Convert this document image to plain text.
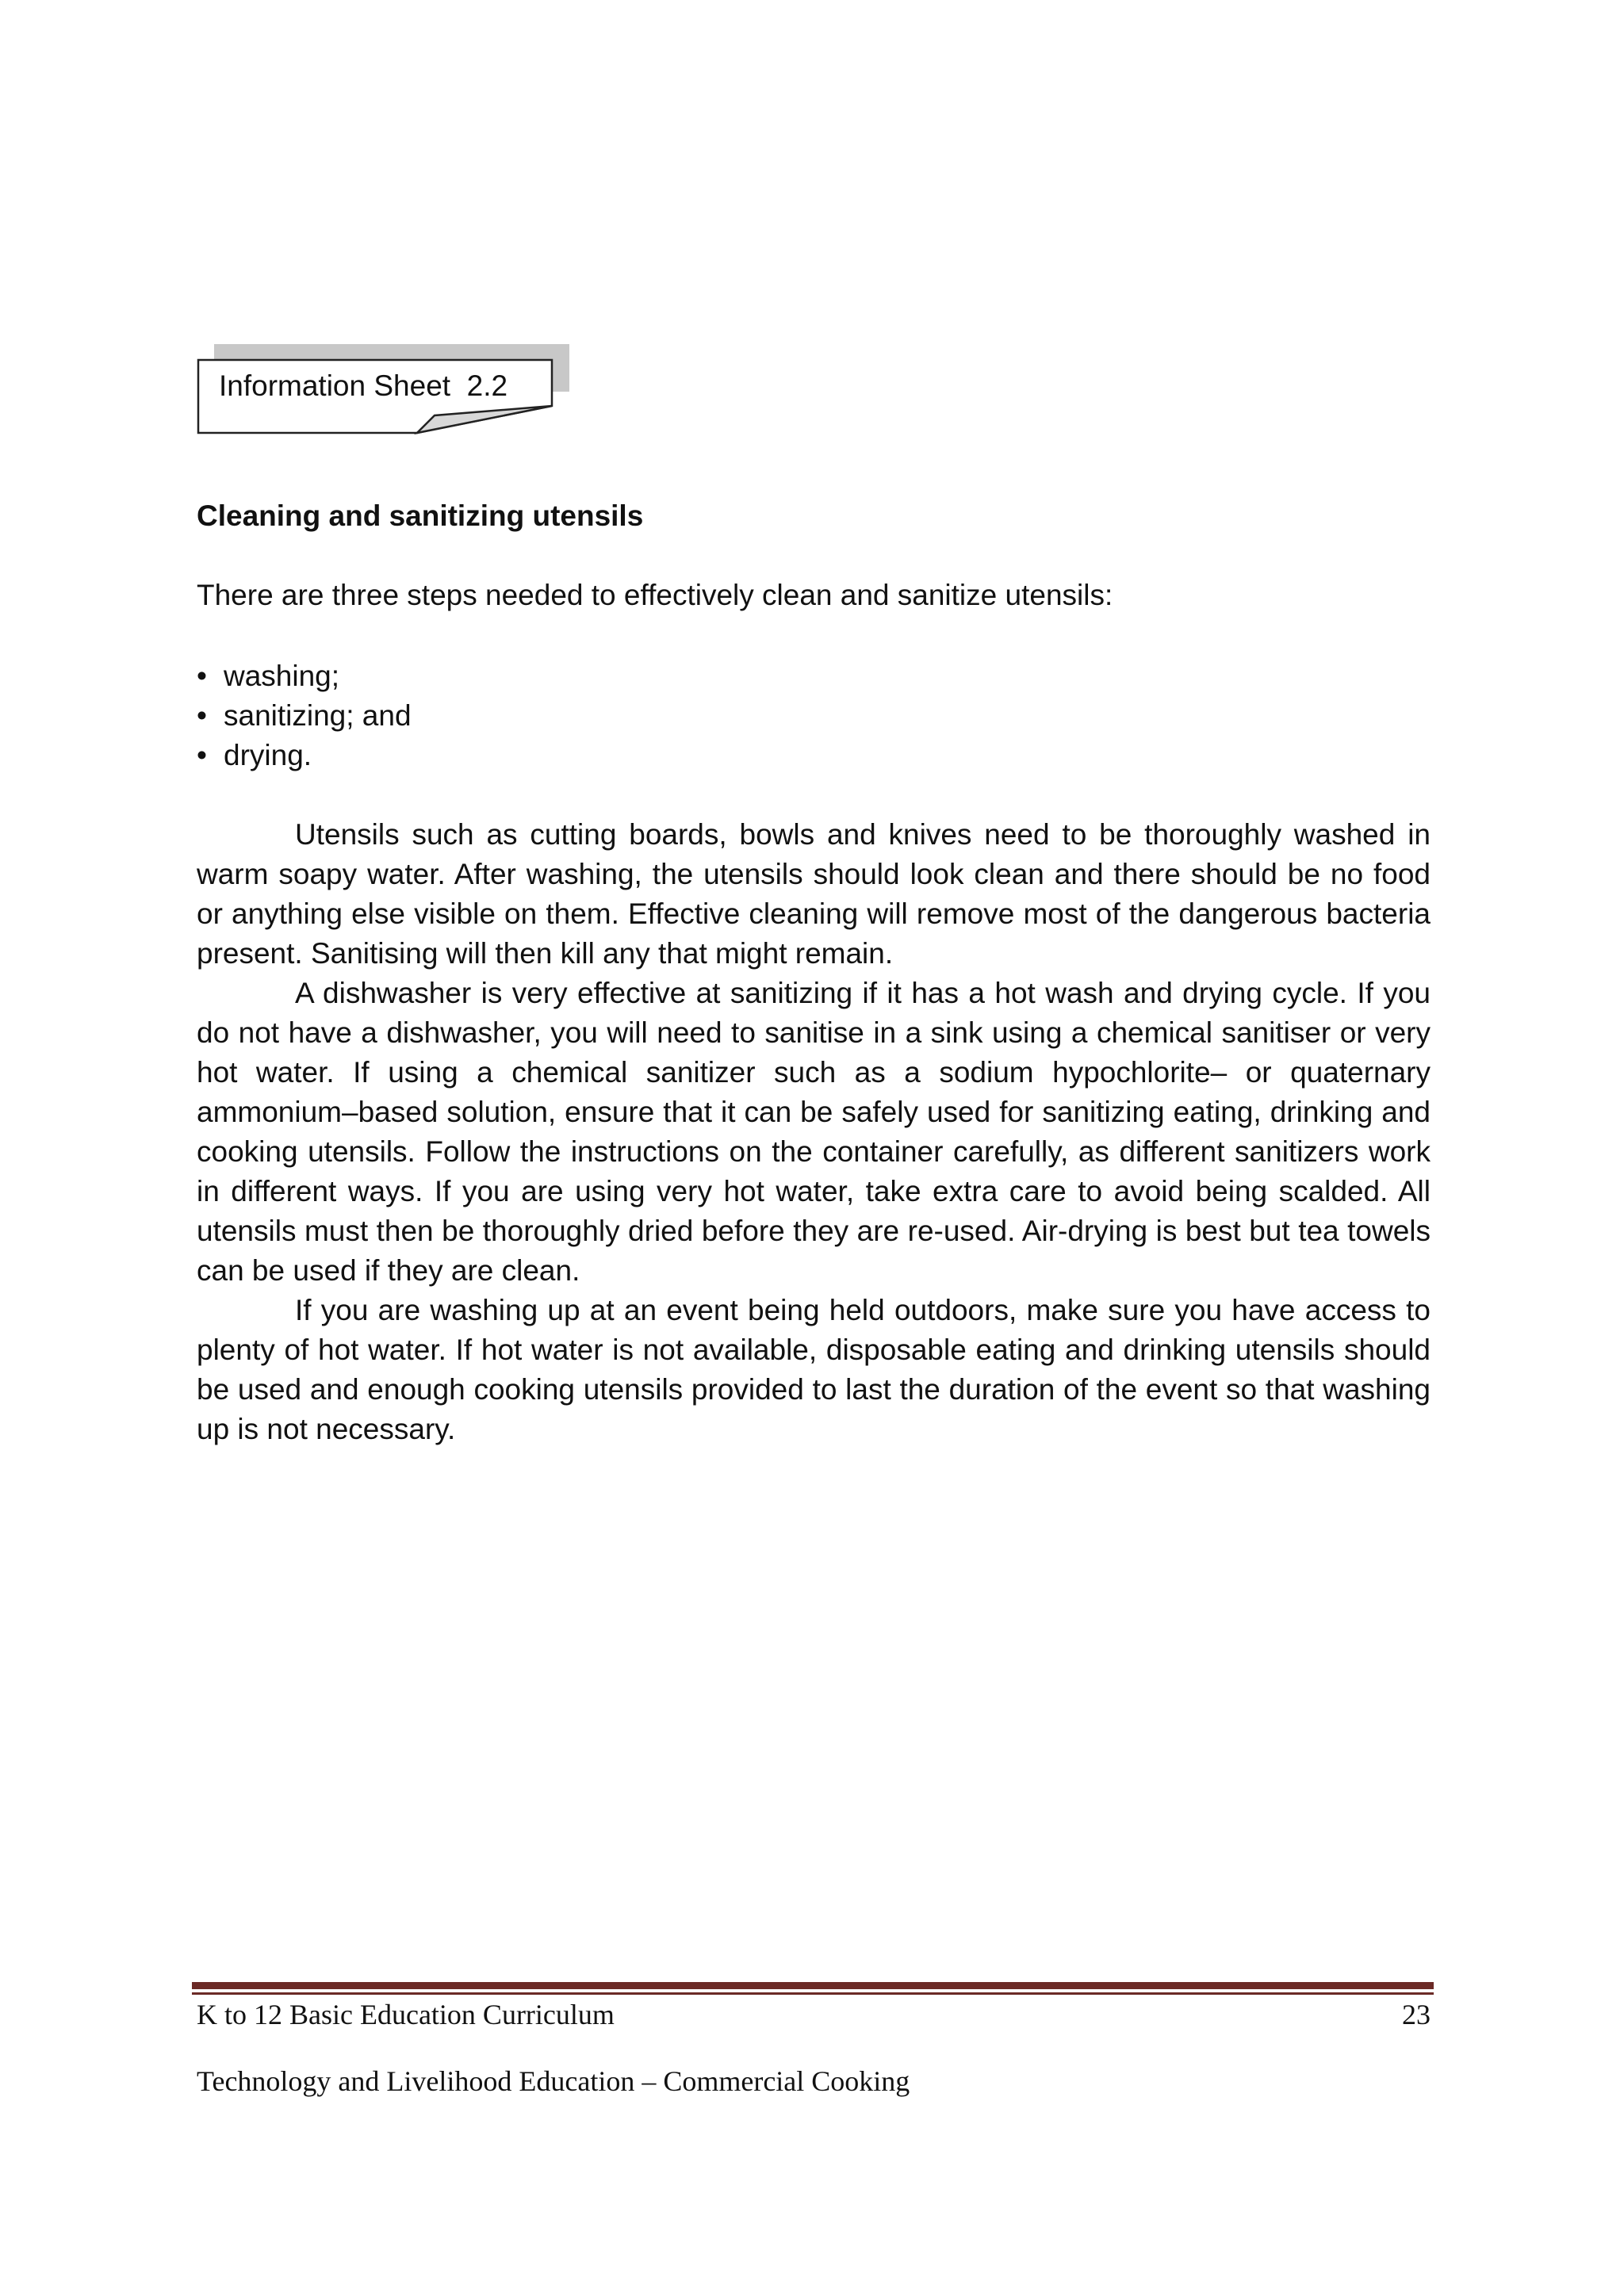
Information Sheet  2.2
Cleaning and sanitizing utensils
There are three steps needed to effectively clean and sanitize utensils:
• washing;
• sanitizing; and
• drying.

Utensils such as cutting boards, bowls and knives need to be thoroughly washed in warm soapy water. After washing, the utensils should look clean and there should be no food or anything else visible on them. Effective cleaning will remove most of the dangerous bacteria present. Sanitising will then kill any that might remain.

A dishwasher is very effective at sanitizing if it has a hot wash and drying cycle. If you do not have a dishwasher, you will need to sanitise in a sink using a chemical sanitiser or very hot water. If using a chemical sanitizer such as a sodium hypochlorite– or quaternary ammonium–based solution, ensure that it can be safely used for sanitizing eating, drinking and cooking utensils. Follow the instructions on the container carefully, as different sanitizers work in different ways. If you are using very hot water, take extra care to avoid being scalded. All utensils must then be thoroughly dried before they are re-used. Air-drying is best but tea towels can be used if they are clean.

If you are washing up at an event being held outdoors, make sure you have access to plenty of hot water. If hot water is not available, disposable eating and drinking utensils should be used and enough cooking utensils provided to last the duration of the event so that washing up is not necessary.

K to 12 Basic Education Curriculum	23
Technology and Livelihood Education – Commercial Cooking
